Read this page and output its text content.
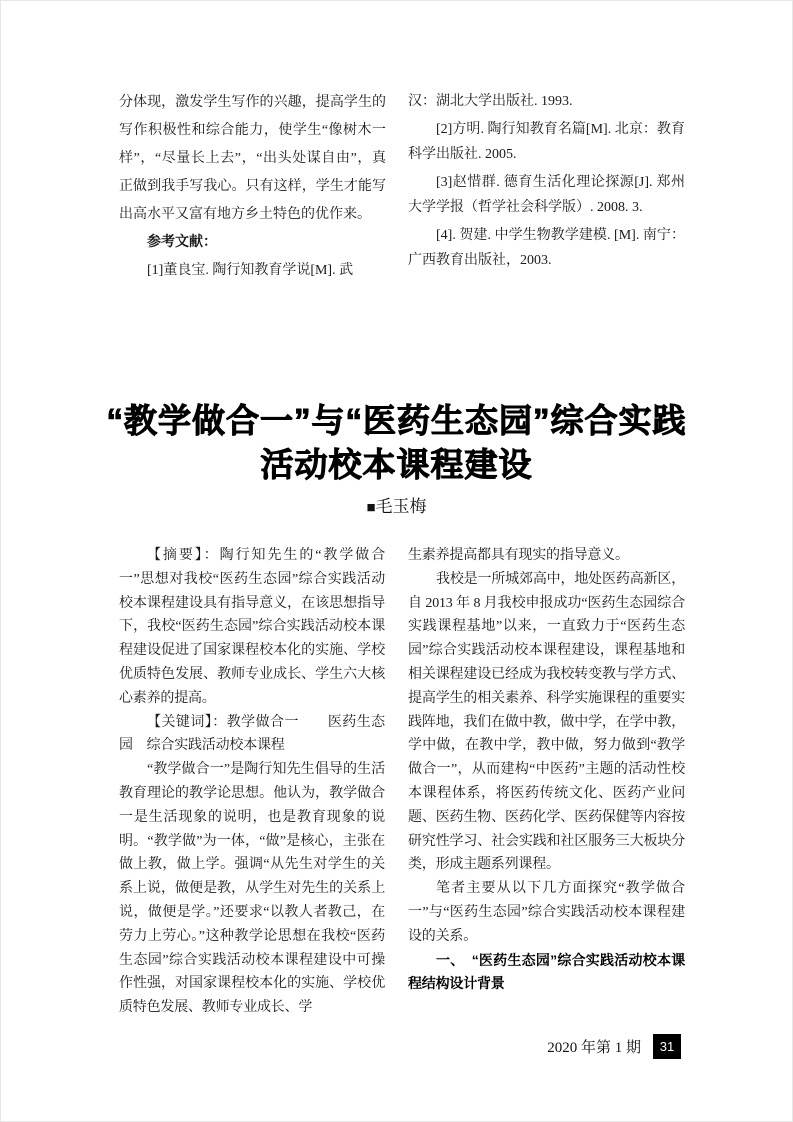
分体现，激发学生写作的兴趣，提高学生的写作积极性和综合能力，使学生“像树木一样”，“尽量长上去”，“出头处谋自由”，真正做到我手写我心。只有这样，学生才能写出高水平又富有地方乡土特色的优作来。

参考文献：

[1]董良宝. 陶行知教育学说[M]. 武

汉：湖北大学出版社. 1993.

[2]方明. 陶行知教育名篇[M]. 北京：教育科学出版社. 2005.

[3]赵惜群. 德育生活化理论探源[J]. 郑州大学学报（哲学社会科学版）. 2008. 3.

[4]. 贺建. 中学生物教学建模. [M]. 南宁：广西教育出版社，2003.

“教学做合一”与“医药生态园”综合实践
活动校本课程建设

■毛玉梅

【摘要】：陶行知先生的“教学做合一”思想对我校“医药生态园”综合实践活动校本课程建设具有指导意义，在该思想指导下，我校“医药生态园”综合实践活动校本课程建设促进了国家课程校本化的实施、学校优质特色发展、教师专业成长、学生六大核心素养的提高。

【关键词】：教学做合一　　医药生态园　综合实践活动校本课程

“教学做合一”是陶行知先生倡导的生活教育理论的教学论思想。他认为，教学做合一是生活现象的说明，也是教育现象的说明。“教学做”为一体，“做”是核心，主张在做上教，做上学。强调“从先生对学生的关系上说，做便是教，从学生对先生的关系上说，做便是学。”还要求“以教人者教己，在劳力上劳心。”这种教学论思想在我校“医药生态园”综合实践活动校本课程建设中可操作性强，对国家课程校本化的实施、学校优质特色发展、教师专业成长、学

生素养提高都具有现实的指导意义。

我校是一所城郊高中，地处医药高新区，自 2013 年 8 月我校申报成功“医药生态园综合实践课程基地”以来，一直致力于“医药生态园”综合实践活动校本课程建设，课程基地和相关课程建设已经成为我校转变教与学方式、提高学生的相关素养、科学实施课程的重要实践阵地，我们在做中教，做中学，在学中教，学中做，在教中学，教中做，努力做到“教学做合一”，从而建构“中医药”主题的活动性校本课程体系，将医药传统文化、医药产业问题、医药生物、医药化学、医药保健等内容按研究性学习、社会实践和社区服务三大板块分类，形成主题系列课程。

笔者主要从以下几方面探究“教学做合一”与“医药生态园”综合实践活动校本课程建设的关系。

一、　“医药生态园”综合实践活动校本课程结构设计背景

2020 年第 1 期	31
